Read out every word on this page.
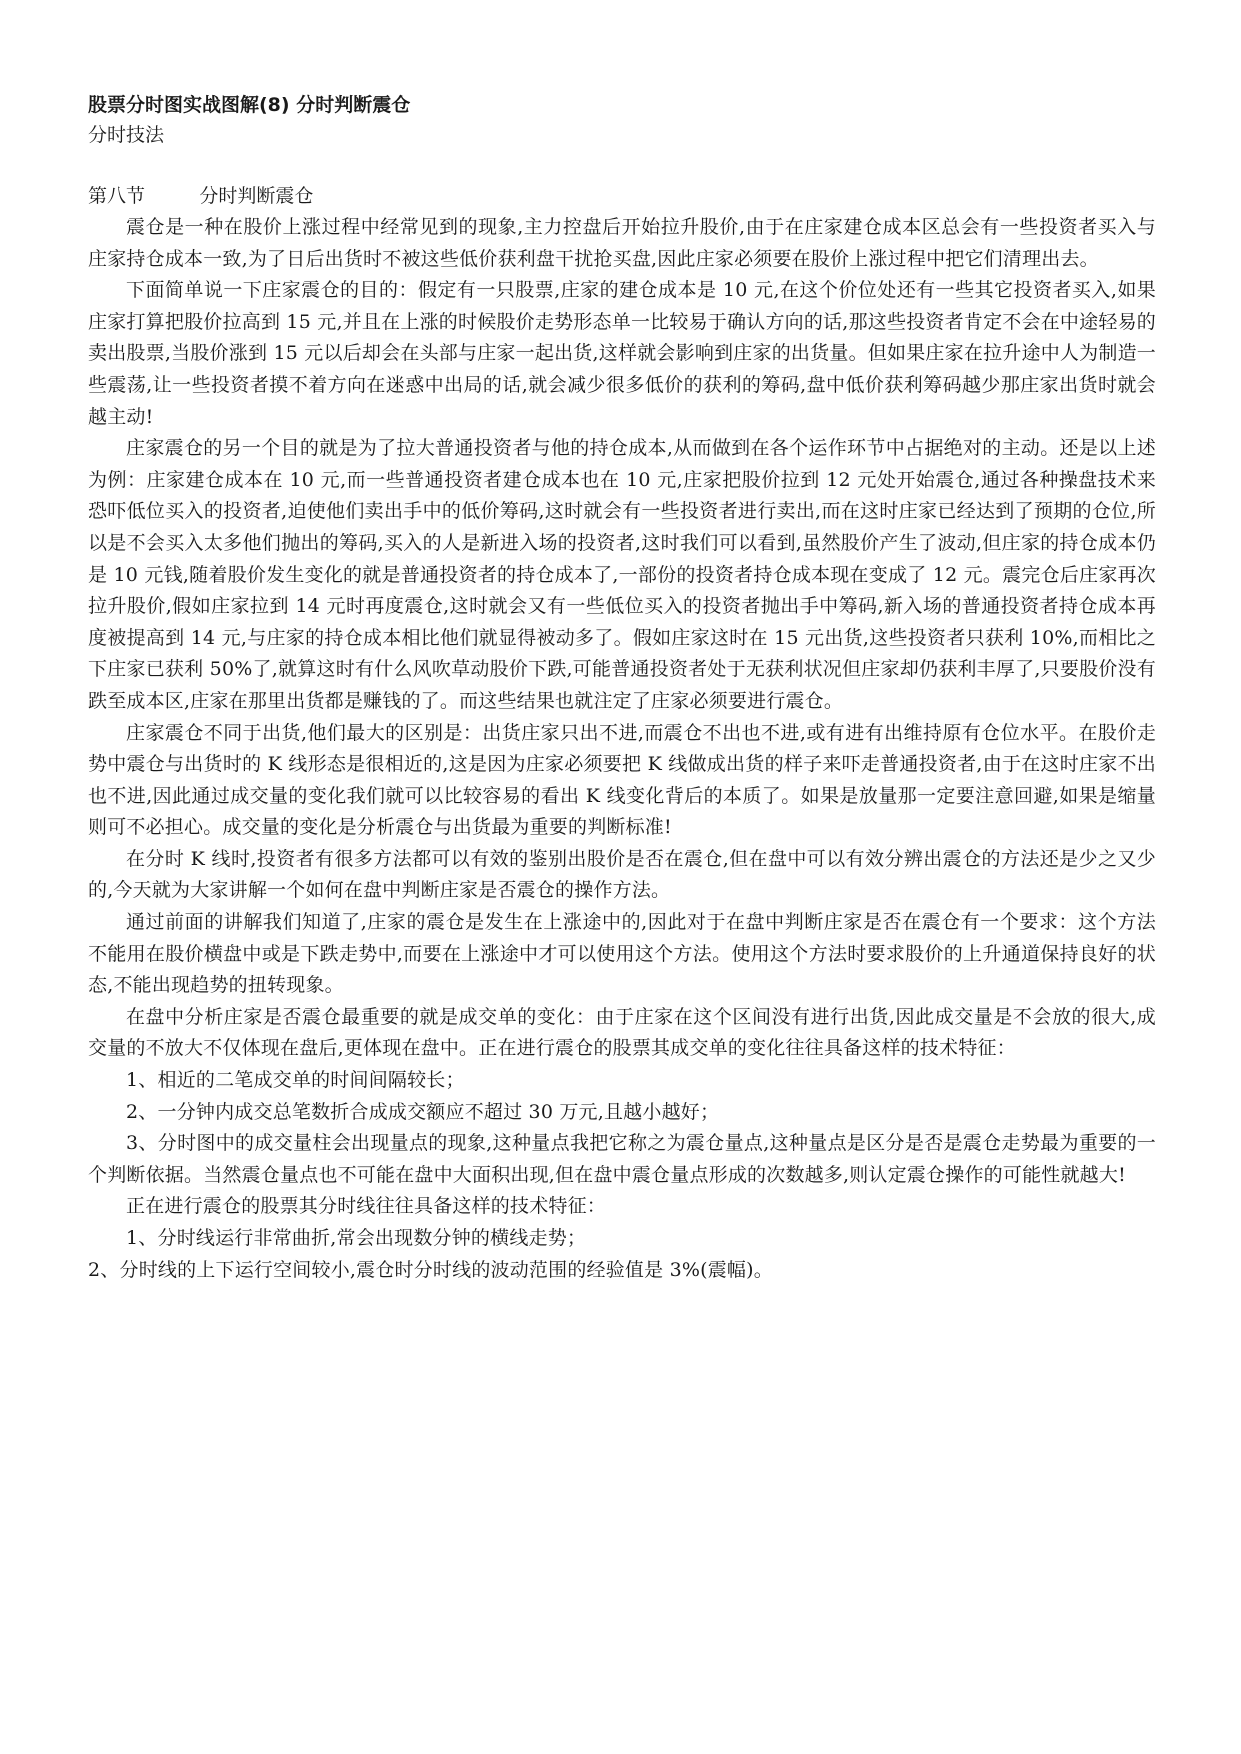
股票分时图实战图解(8) 分时判断震仓

分时技法

第八节         分时判断震仓

震仓是一种在股价上涨过程中经常见到的现象,主力控盘后开始拉升股价,由于在庄家建仓成本区总会有一些投资者买入与庄家持仓成本一致,为了日后出货时不被这些低价获利盘干扰抢买盘,因此庄家必须要在股价上涨过程中把它们清理出去。

下面简单说一下庄家震仓的目的：假定有一只股票,庄家的建仓成本是 10 元,在这个价位处还有一些其它投资者买入,如果庄家打算把股价拉高到 15 元,并且在上涨的时候股价走势形态单一比较易于确认方向的话,那这些投资者肯定不会在中途轻易的卖出股票,当股价涨到 15 元以后却会在头部与庄家一起出货,这样就会影响到庄家的出货量。但如果庄家在拉升途中人为制造一些震荡,让一些投资者摸不着方向在迷惑中出局的话,就会减少很多低价的获利的筹码,盘中低价获利筹码越少那庄家出货时就会越主动!

庄家震仓的另一个目的就是为了拉大普通投资者与他的持仓成本,从而做到在各个运作环节中占据绝对的主动。还是以上述为例：庄家建仓成本在 10 元,而一些普通投资者建仓成本也在 10 元,庄家把股价拉到 12 元处开始震仓,通过各种操盘技术来恐吓低位买入的投资者,迫使他们卖出手中的低价筹码,这时就会有一些投资者进行卖出,而在这时庄家已经达到了预期的仓位,所以是不会买入太多他们抛出的筹码,买入的人是新进入场的投资者,这时我们可以看到,虽然股价产生了波动,但庄家的持仓成本仍是 10 元钱,随着股价发生变化的就是普通投资者的持仓成本了,一部份的投资者持仓成本现在变成了 12 元。震完仓后庄家再次拉升股价,假如庄家拉到 14 元时再度震仓,这时就会又有一些低位买入的投资者抛出手中筹码,新入场的普通投资者持仓成本再度被提高到 14 元,与庄家的持仓成本相比他们就显得被动多了。假如庄家这时在 15 元出货,这些投资者只获利 10%,而相比之下庄家已获利 50%了,就算这时有什么风吹草动股价下跌,可能普通投资者处于无获利状况但庄家却仍获利丰厚了,只要股价没有跌至成本区,庄家在那里出货都是赚钱的了。而这些结果也就注定了庄家必须要进行震仓。

庄家震仓不同于出货,他们最大的区别是：出货庄家只出不进,而震仓不出也不进,或有进有出维持原有仓位水平。在股价走势中震仓与出货时的 K 线形态是很相近的,这是因为庄家必须要把 K 线做成出货的样子来吓走普通投资者,由于在这时庄家不出也不进,因此通过成交量的变化我们就可以比较容易的看出 K 线变化背后的本质了。如果是放量那一定要注意回避,如果是缩量则可不必担心。成交量的变化是分析震仓与出货最为重要的判断标准!

在分时 K 线时,投资者有很多方法都可以有效的鉴别出股价是否在震仓,但在盘中可以有效分辨出震仓的方法还是少之又少的,今天就为大家讲解一个如何在盘中判断庄家是否震仓的操作方法。

通过前面的讲解我们知道了,庄家的震仓是发生在上涨途中的,因此对于在盘中判断庄家是否在震仓有一个要求：这个方法不能用在股价横盘中或是下跌走势中,而要在上涨途中才可以使用这个方法。使用这个方法时要求股价的上升通道保持良好的状态,不能出现趋势的扭转现象。

在盘中分析庄家是否震仓最重要的就是成交单的变化：由于庄家在这个区间没有进行出货,因此成交量是不会放的很大,成交量的不放大不仅体现在盘后,更体现在盘中。正在进行震仓的股票其成交单的变化往往具备这样的技术特征：

1、相近的二笔成交单的时间间隔较长；

2、一分钟内成交总笔数折合成成交额应不超过 30 万元,且越小越好；

3、分时图中的成交量柱会出现量点的现象,这种量点我把它称之为震仓量点,这种量点是区分是否是震仓走势最为重要的一个判断依据。当然震仓量点也不可能在盘中大面积出现,但在盘中震仓量点形成的次数越多,则认定震仓操作的可能性就越大!

正在进行震仓的股票其分时线往往具备这样的技术特征：

1、分时线运行非常曲折,常会出现数分钟的横线走势；

2、分时线的上下运行空间较小,震仓时分时线的波动范围的经验值是 3%(震幅)。
